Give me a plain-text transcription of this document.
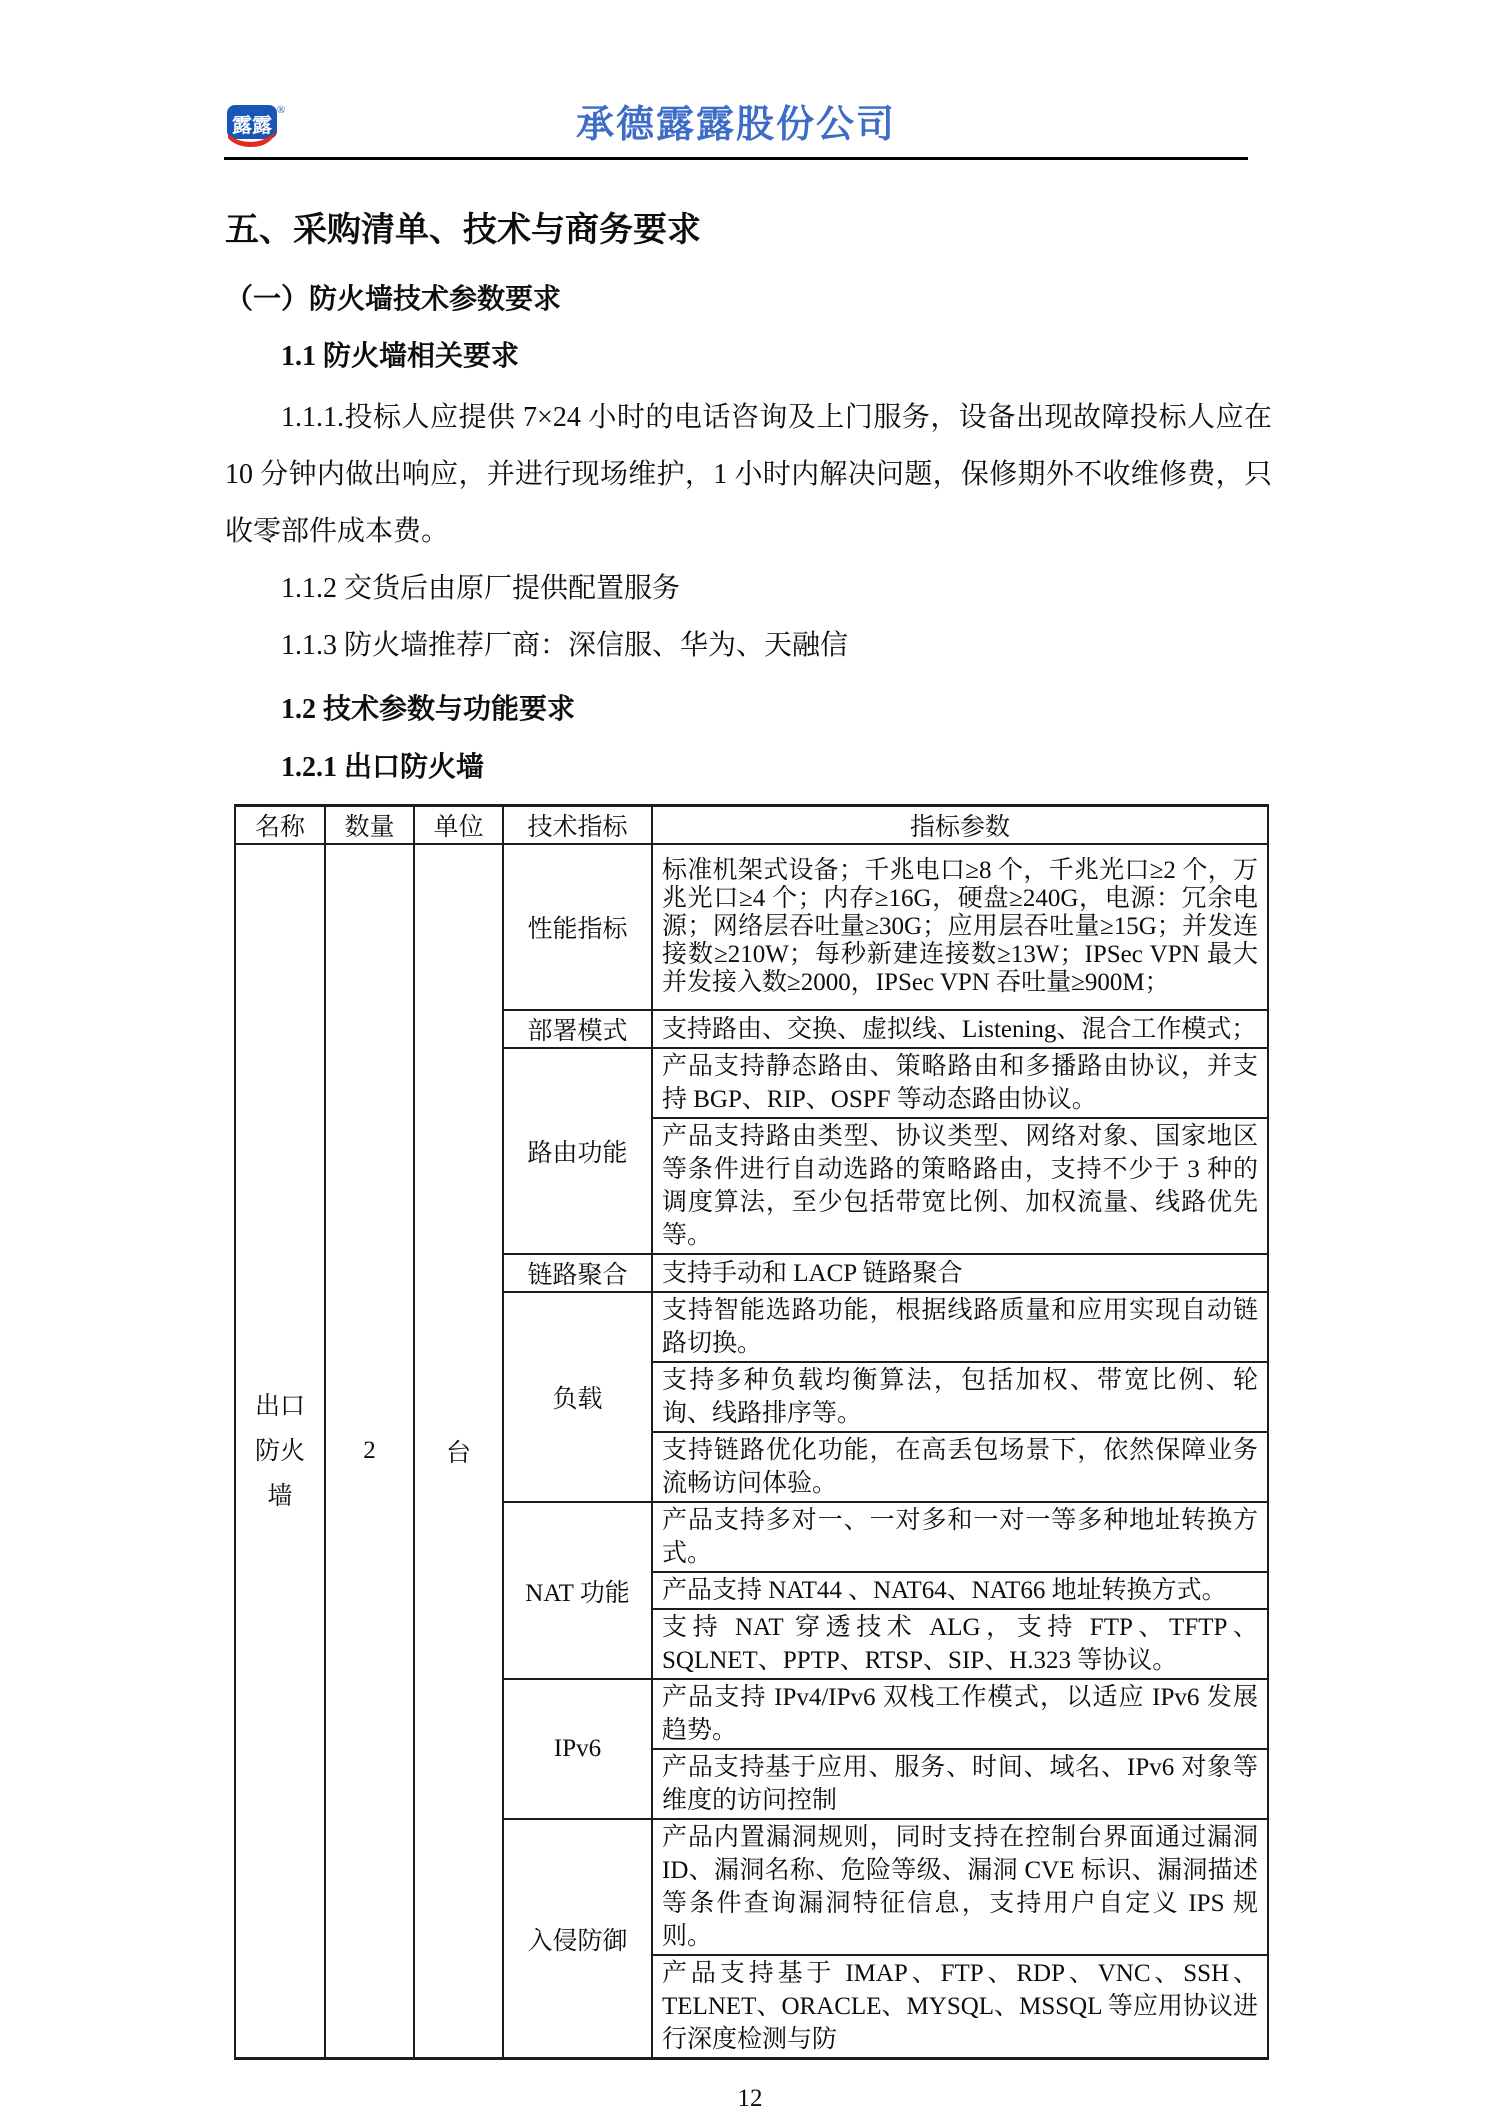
露露
®	承德露露股份公司
五、采购清单、技术与商务要求
（一）防火墙技术参数要求
1.1 防火墙相关要求
1.1.1.投标人应提供 7×24 小时的电话咨询及上门服务，设备出现故障投标人应在 10 分钟内做出响应，并进行现场维护，1 小时内解决问题，保修期外不收维修费，只收零部件成本费。
1.1.2 交货后由原厂提供配置服务
1.1.3 防火墙推荐厂商：深信服、华为、天融信
1.2 技术参数与功能要求
1.2.1 出口防火墙
名称	数量	单位	技术指标	指标参数

出口防火墙	2	台	性能指标	标准机架式设备；千兆电口≥8 个，千兆光口≥2 个，万兆光口≥4 个；内存≥16G，硬盘≥240G，电源：冗余电源；网络层吞吐量≥30G；应用层吞吐量≥15G；并发连接数≥210W；每秒新建连接数≥13W；IPSec VPN 最大并发接入数≥2000，IPSec VPN 吞吐量≥900M；
			部署模式	支持路由、交换、虚拟线、Listening、混合工作模式；
			路由功能	产品支持静态路由、策略路由和多播路由协议，并支持 BGP、RIP、OSPF 等动态路由协议。
				产品支持路由类型、协议类型、网络对象、国家地区等条件进行自动选路的策略路由，支持不少于 3 种的调度算法，至少包括带宽比例、加权流量、线路优先等。
			链路聚合	支持手动和 LACP 链路聚合
			负载	支持智能选路功能，根据线路质量和应用实现自动链路切换。
				支持多种负载均衡算法，包括加权、带宽比例、轮询、线路排序等。
				支持链路优化功能，在高丢包场景下，依然保障业务流畅访问体验。
			NAT 功能	产品支持多对一、一对多和一对一等多种地址转换方式。
				产品支持 NAT44 、NAT64、NAT66 地址转换方式。
				支持 NAT 穿透技术 ALG，支持 FTP、TFTP、SQLNET、PPTP、RTSP、SIP、H.323 等协议。
			IPv6	产品支持 IPv4/IPv6 双栈工作模式，以适应 IPv6 发展趋势。
				产品支持基于应用、服务、时间、域名、IPv6 对象等维度的访问控制
			入侵防御	产品内置漏洞规则，同时支持在控制台界面通过漏洞 ID、漏洞名称、危险等级、漏洞 CVE 标识、漏洞描述等条件查询漏洞特征信息，支持用户自定义 IPS 规则。
				产品支持基于 IMAP、FTP、RDP、VNC、SSH、TELNET、ORACLE、MYSQL、MSSQL 等应用协议进行深度检测与防
12
